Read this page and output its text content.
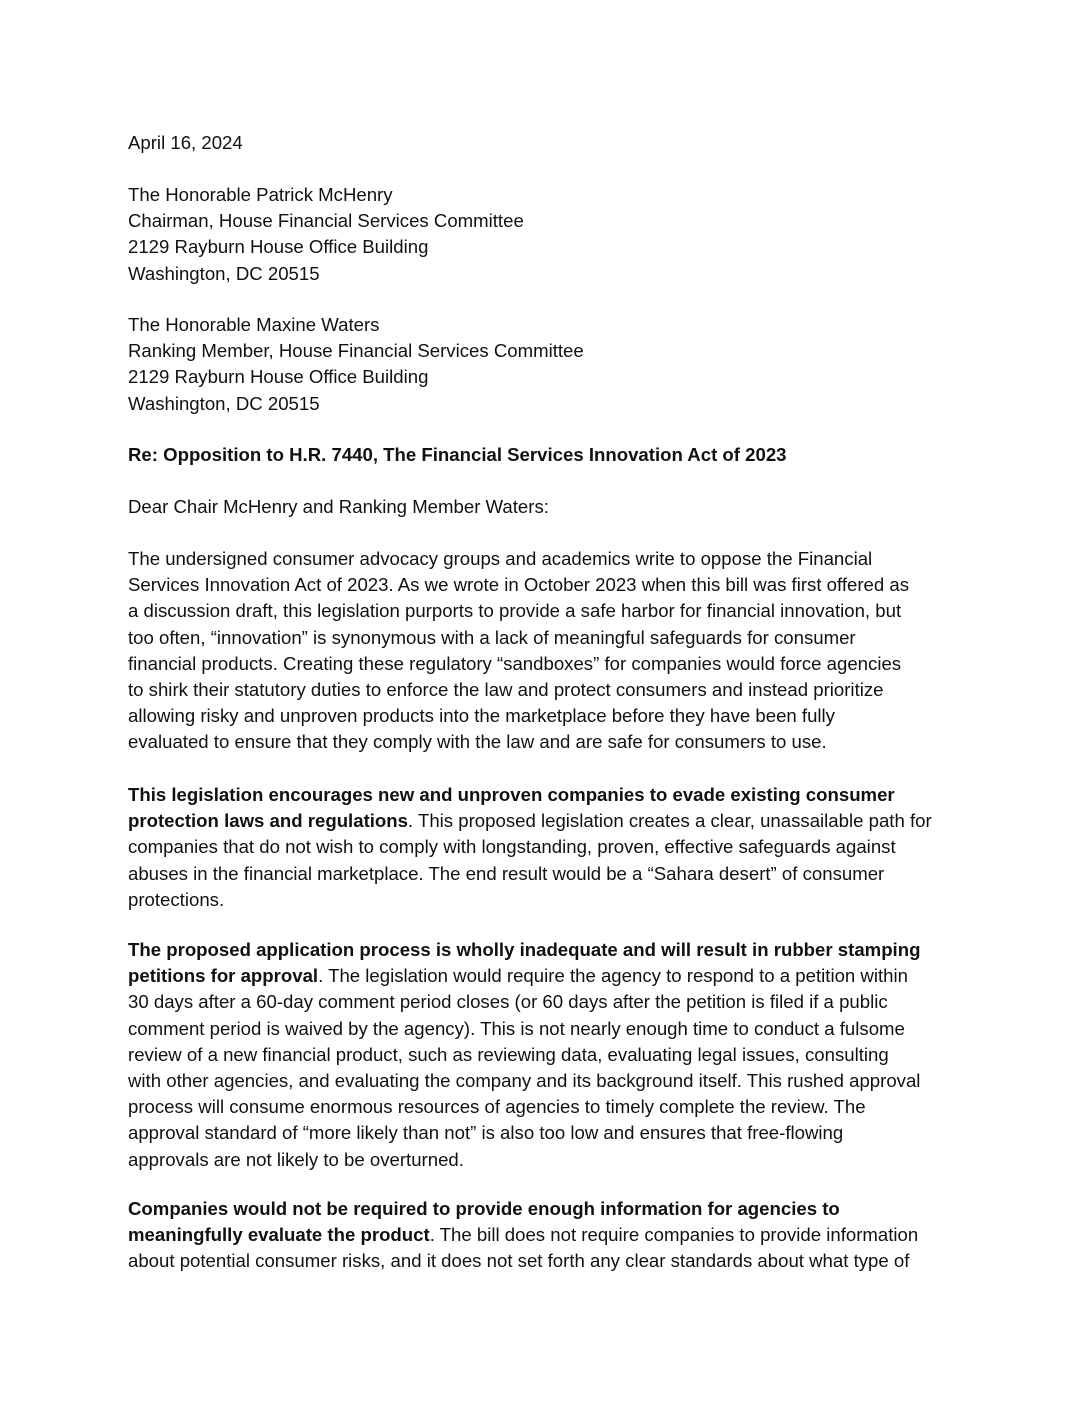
April 16, 2024

The Honorable Patrick McHenry
Chairman, House Financial Services Committee
2129 Rayburn House Office Building
Washington, DC 20515

The Honorable Maxine Waters
Ranking Member, House Financial Services Committee
2129 Rayburn House Office Building
Washington, DC 20515

Re: Opposition to H.R. 7440, The Financial Services Innovation Act of 2023

Dear Chair McHenry and Ranking Member Waters:

The undersigned consumer advocacy groups and academics write to oppose the Financial
Services Innovation Act of 2023. As we wrote in October 2023 when this bill was first offered as
a discussion draft, this legislation purports to provide a safe harbor for financial innovation, but
too often, “innovation” is synonymous with a lack of meaningful safeguards for consumer
financial products. Creating these regulatory “sandboxes” for companies would force agencies
to shirk their statutory duties to enforce the law and protect consumers and instead prioritize
allowing risky and unproven products into the marketplace before they have been fully
evaluated to ensure that they comply with the law and are safe for consumers to use.

This legislation encourages new and unproven companies to evade existing consumer
protection laws and regulations. This proposed legislation creates a clear, unassailable path for
companies that do not wish to comply with longstanding, proven, effective safeguards against
abuses in the financial marketplace. The end result would be a “Sahara desert” of consumer
protections.

The proposed application process is wholly inadequate and will result in rubber stamping
petitions for approval. The legislation would require the agency to respond to a petition within
30 days after a 60-day comment period closes (or 60 days after the petition is filed if a public
comment period is waived by the agency). This is not nearly enough time to conduct a fulsome
review of a new financial product, such as reviewing data, evaluating legal issues, consulting
with other agencies, and evaluating the company and its background itself. This rushed approval
process will consume enormous resources of agencies to timely complete the review. The
approval standard of “more likely than not” is also too low and ensures that free-flowing
approvals are not likely to be overturned.

Companies would not be required to provide enough information for agencies to
meaningfully evaluate the product. The bill does not require companies to provide information
about potential consumer risks, and it does not set forth any clear standards about what type of
